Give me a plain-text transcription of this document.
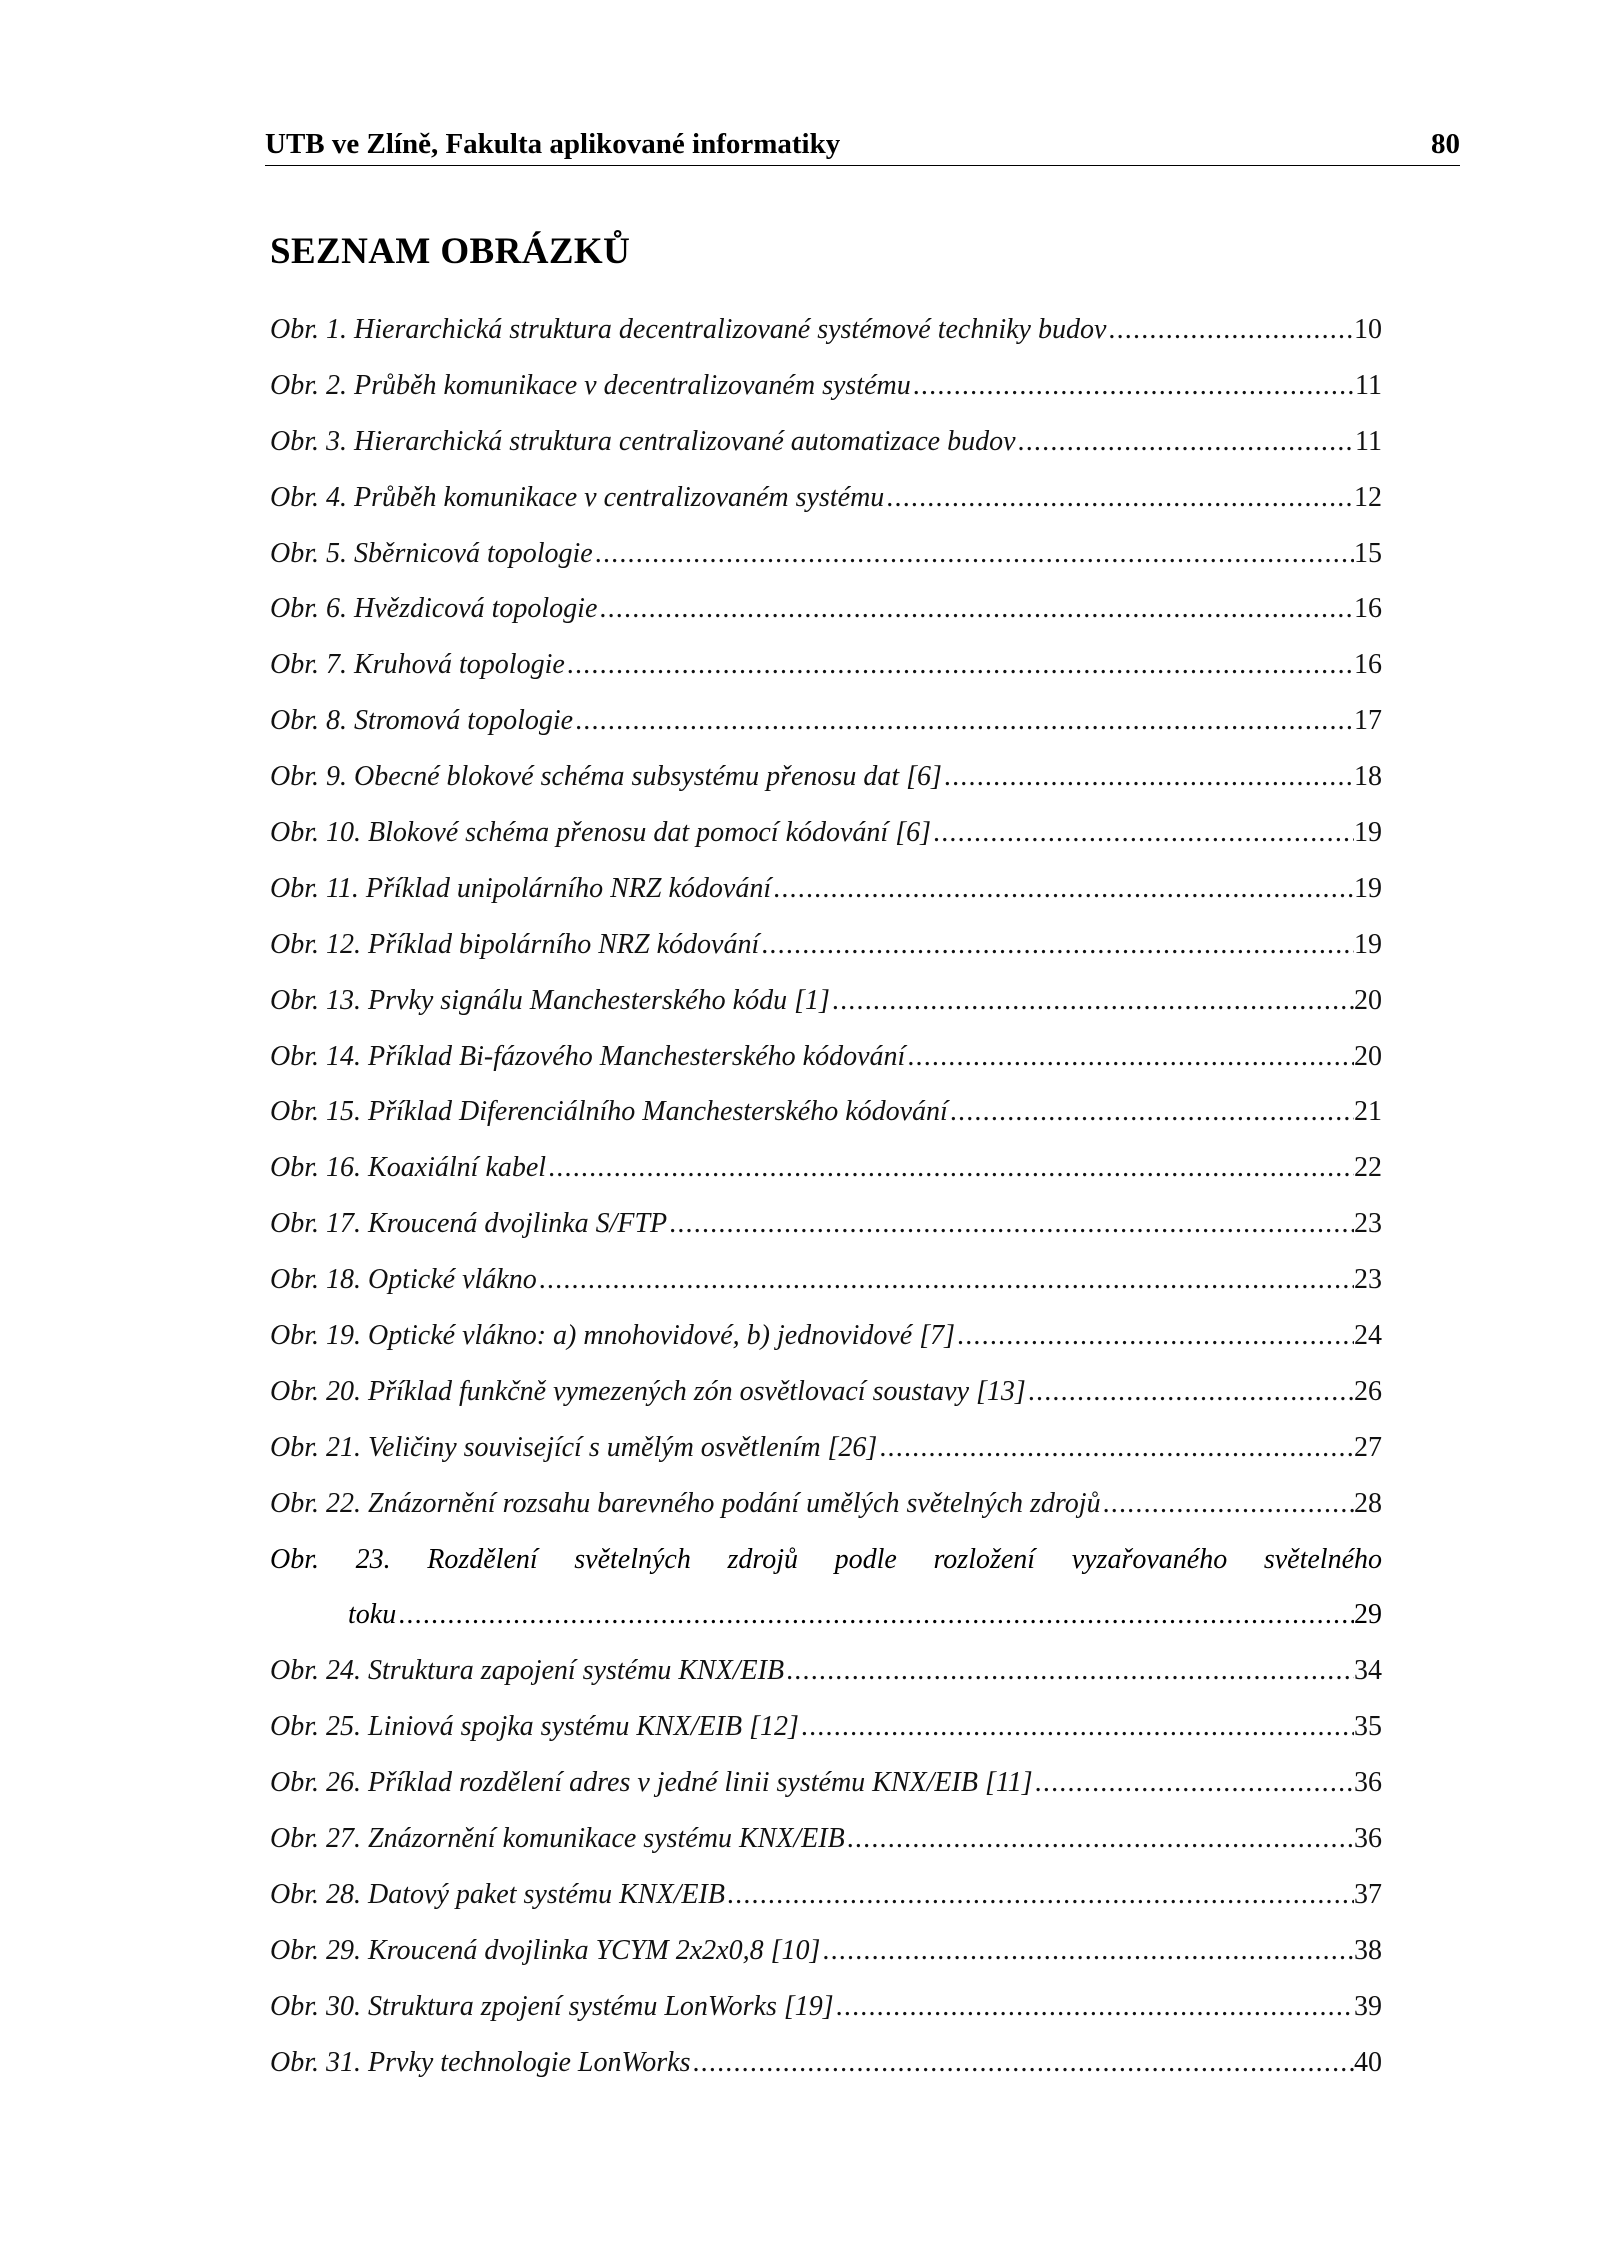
UTB ve Zlíně, Fakulta aplikované informatiky	80
SEZNAM OBRÁZKŮ
Obr. 1. Hierarchická struktura decentralizované systémové techniky budov .....	10
Obr. 2. Průběh komunikace v decentralizovaném systému .....	11
Obr. 3. Hierarchická struktura centralizované automatizace budov .....	11
Obr. 4. Průběh komunikace v centralizovaném systému .....	12
Obr. 5. Sběrnicová topologie .....	15
Obr. 6. Hvězdicová topologie .....	16
Obr. 7. Kruhová topologie .....	16
Obr. 8. Stromová topologie .....	17
Obr. 9. Obecné blokové schéma subsystému přenosu dat [6] .....	18
Obr. 10. Blokové schéma přenosu dat pomocí kódování [6] .....	19
Obr. 11. Příklad unipolárního NRZ kódování .....	19
Obr. 12. Příklad bipolárního NRZ kódování .....	19
Obr. 13. Prvky signálu Manchesterského kódu [1] .....	20
Obr. 14. Příklad Bi-fázového Manchesterského kódování .....	20
Obr. 15. Příklad Diferenciálního Manchesterského kódování .....	21
Obr. 16. Koaxiální kabel .....	22
Obr. 17. Kroucená dvojlinka S/FTP .....	23
Obr. 18. Optické vlákno .....	23
Obr. 19. Optické vlákno: a) mnohovidové, b) jednovidové [7] .....	24
Obr. 20. Příklad funkčně vymezených zón osvětlovací soustavy [13] .....	26
Obr. 21. Veličiny související s umělým osvětlením [26] .....	27
Obr. 22. Znázornění rozsahu barevného podání umělých světelných zdrojů .....	28
Obr. 23. Rozdělení světelných zdrojů podle rozložení vyzařovaného světelného
toku .....	29
Obr. 24. Struktura zapojení systému KNX/EIB .....	34
Obr. 25. Liniová spojka systému KNX/EIB [12] .....	35
Obr. 26. Příklad rozdělení adres v jedné linii systému KNX/EIB [11] .....	36
Obr. 27. Znázornění komunikace systému KNX/EIB .....	36
Obr. 28. Datový paket systému KNX/EIB .....	37
Obr. 29. Kroucená dvojlinka YCYM 2x2x0,8 [10] .....	38
Obr. 30. Struktura zpojení systému LonWorks [19] .....	39
Obr. 31. Prvky technologie LonWorks .....	40
